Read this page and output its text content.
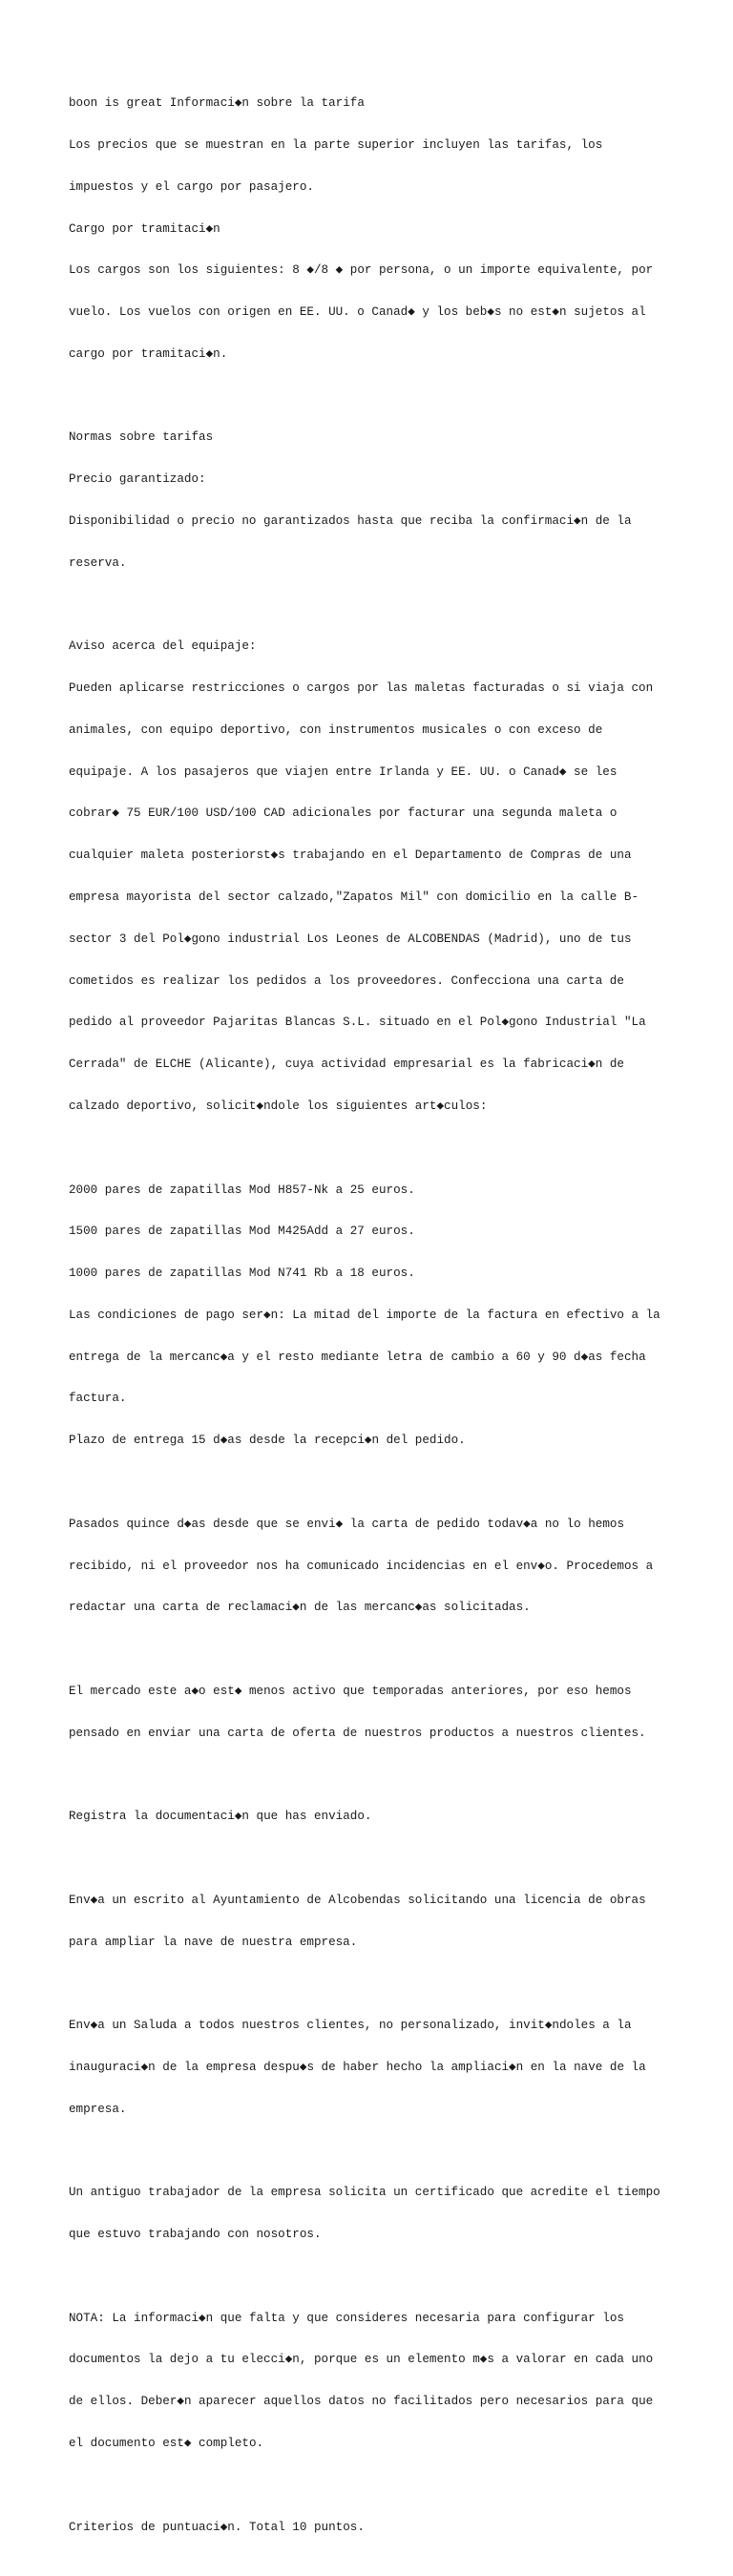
boon is great Informaci◆n sobre la tarifa

Los precios que se muestran en la parte superior incluyen las tarifas, los

impuestos y el cargo por pasajero.

Cargo por tramitaci◆n

Los cargos son los siguientes: 8 ◆/8 ◆ por persona, o un importe equivalente, por

vuelo. Los vuelos con origen en EE. UU. o Canad◆ y los beb◆s no est◆n sujetos al

cargo por tramitaci◆n.

Normas sobre tarifas

Precio garantizado:

Disponibilidad o precio no garantizados hasta que reciba la confirmaci◆n de la

reserva.

Aviso acerca del equipaje:

Pueden aplicarse restricciones o cargos por las maletas facturadas o si viaja con

animales, con equipo deportivo, con instrumentos musicales o con exceso de

equipaje. A los pasajeros que viajen entre Irlanda y EE. UU. o Canad◆ se les

cobrar◆ 75 EUR/100 USD/100 CAD adicionales por facturar una segunda maleta o

cualquier maleta posteriorst◆s trabajando en el Departamento de Compras de una

empresa mayorista del sector calzado,"Zapatos Mil" con domicilio en la calle B-

sector 3 del Pol◆gono industrial Los Leones de ALCOBENDAS (Madrid), uno de tus

cometidos es realizar los pedidos a los proveedores. Confecciona una carta de

pedido al proveedor Pajaritas Blancas S.L. situado en el Pol◆gono Industrial "La

Cerrada" de ELCHE (Alicante), cuya actividad empresarial es la fabricaci◆n de

calzado deportivo, solicit◆ndole los siguientes art◆culos:

2000 pares de zapatillas Mod H857-Nk a 25 euros.

1500 pares de zapatillas Mod M425Add a 27 euros.

1000 pares de zapatillas Mod N741 Rb a 18 euros.

Las condiciones de pago ser◆n: La mitad del importe de la factura en efectivo a la

entrega de la mercanc◆a y el resto mediante letra de cambio a 60 y 90 d◆as fecha

factura.

Plazo de entrega 15 d◆as desde la recepci◆n del pedido.

Pasados quince d◆as desde que se envi◆ la carta de pedido todav◆a no lo hemos

recibido, ni el proveedor nos ha comunicado incidencias en el env◆o. Procedemos a

redactar una carta de reclamaci◆n de las mercanc◆as solicitadas.

El mercado este a◆o est◆ menos activo que temporadas anteriores, por eso hemos

pensado en enviar una carta de oferta de nuestros productos a nuestros clientes.

Registra la documentaci◆n que has enviado.

Env◆a un escrito al Ayuntamiento de Alcobendas solicitando una licencia de obras

para ampliar la nave de nuestra empresa.

Env◆a un Saluda a todos nuestros clientes, no personalizado, invit◆ndoles a la

inauguraci◆n de la empresa despu◆s de haber hecho la ampliaci◆n en la nave de la

empresa.

Un antiguo trabajador de la empresa solicita un certificado que acredite el tiempo

que estuvo trabajando con nosotros.

NOTA: La informaci◆n que falta y que consideres necesaria para configurar los

documentos la dejo a tu elecci◆n, porque es un elemento m◆s a valorar en cada uno

de ellos. Deber◆n aparecer aquellos datos no facilitados pero necesarios para que

el documento est◆ completo.

Criterios de puntuaci◆n. Total 10 puntos.
